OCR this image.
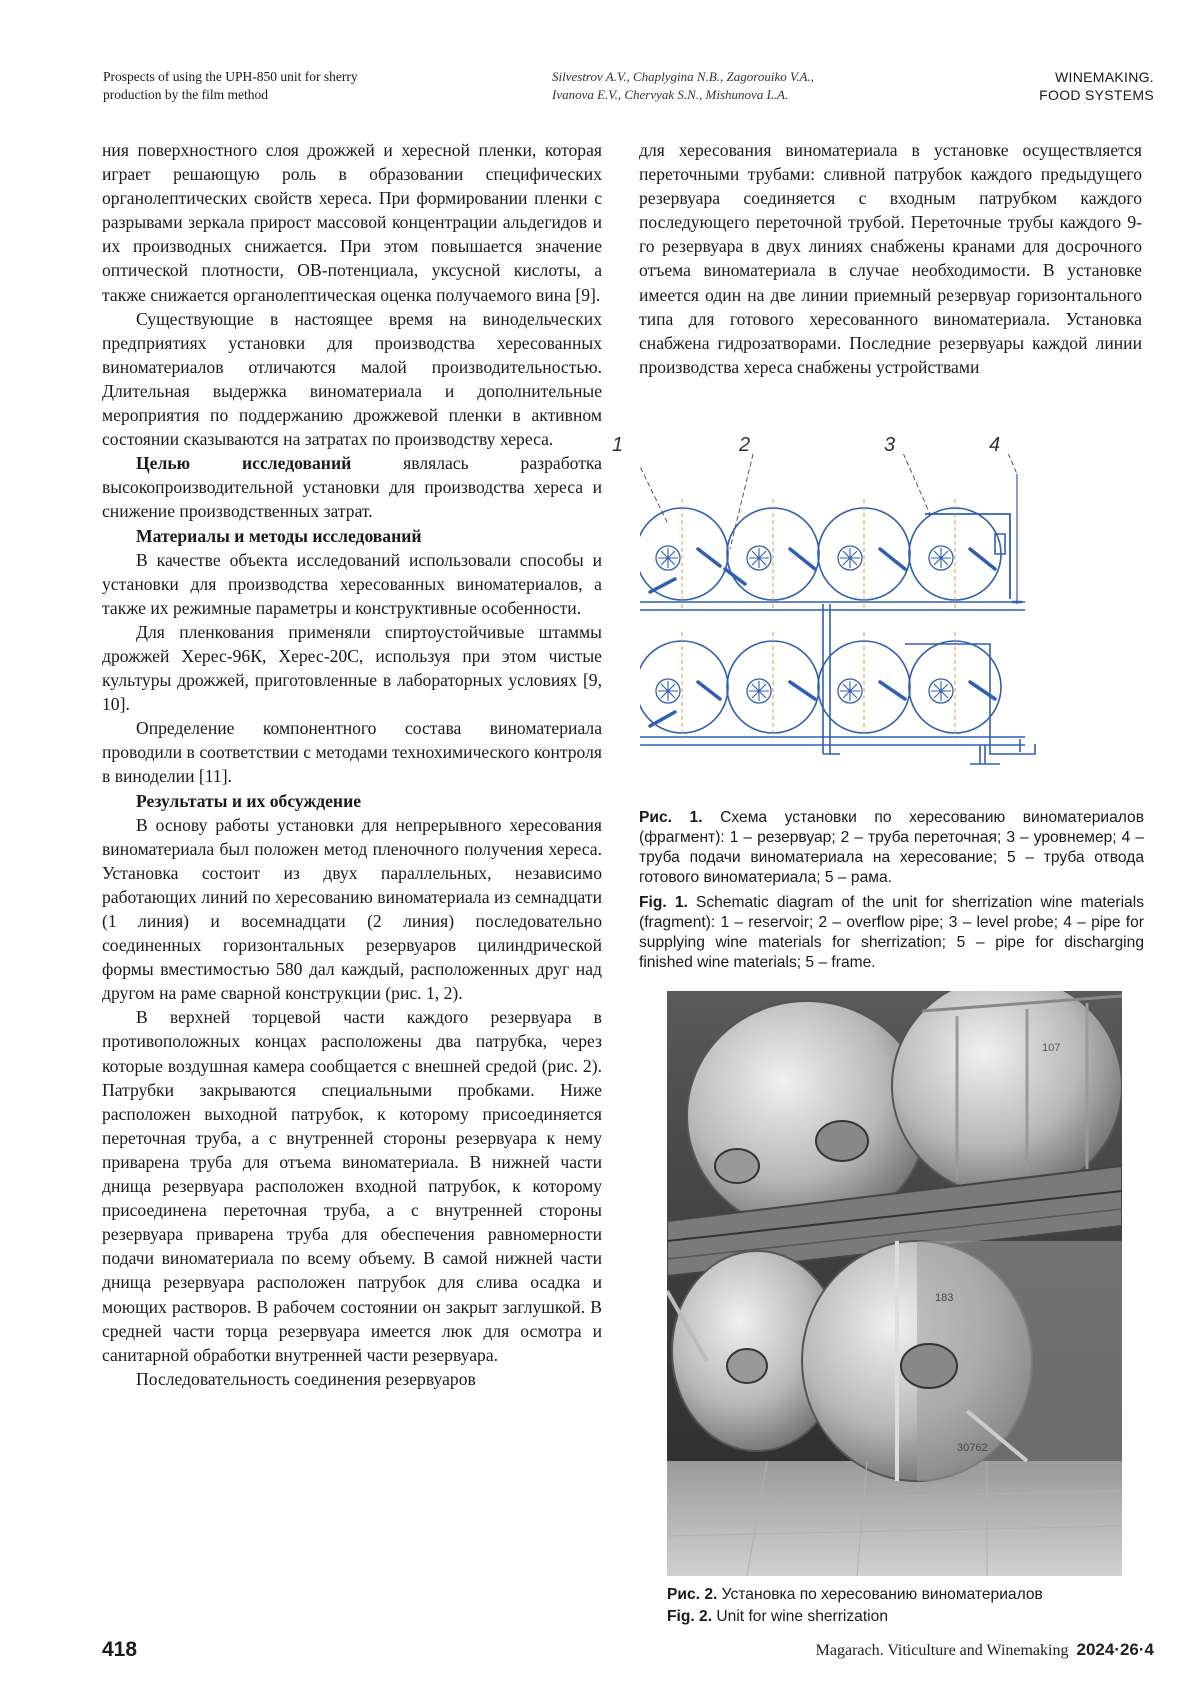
Prospects of using the UPH-850 unit for sherry
production by the film method
Silvestrov A.V., Chaplygina N.B., Zagorouiko V.A.,
Ivanova E.V., Chervyak S.N., Mishunova L.A.
WINEMAKING.
FOOD SYSTEMS

ния поверхностного слоя дрожжей и хересной пленки, которая играет решающую роль в образовании специфических органолептических свойств хереса. При формировании пленки с разрывами зеркала прирост массовой концентрации альдегидов и их производных снижается. При этом повышается значение оптической плотности, ОВ-потенциала, уксусной кислоты, а также снижается органолептическая оценка получаемого вина [9].

Существующие в настоящее время на винодельческих предприятиях установки для производства хересованных виноматериалов отличаются малой производительностью. Длительная выдержка виноматериала и дополнительные мероприятия по поддержанию дрожжевой пленки в активном состоянии сказываются на затратах по производству хереса.

Целью исследований являлась разработка высокопроизводительной установки для производства хереса и снижение производственных затрат.

Материалы и методы исследований

В качестве объекта исследований использовали способы и установки для производства хересованных виноматериалов, а также их режимные параметры и конструктивные особенности.

Для пленкования применяли спиртоустойчивые штаммы дрожжей Херес-96К, Херес-20С, используя при этом чистые культуры дрожжей, приготовленные в лабораторных условиях [9, 10].

Определение компонентного состава виноматериала проводили в соответствии с методами технохимического контроля в виноделии [11].

Результаты и их обсуждение

В основу работы установки для непрерывного хересования виноматериала был положен метод пленочного получения хереса. Установка состоит из двух параллельных, независимо работающих линий по хересованию виноматериала из семнадцати (1 линия) и восемнадцати (2 линия) последовательно соединенных горизонтальных резервуаров цилиндрической формы вместимостью 580 дал каждый, расположенных друг над другом на раме сварной конструкции (рис. 1, 2).

В верхней торцевой части каждого резервуара в противоположных концах расположены два патрубка, через которые воздушная камера сообщается с внешней средой (рис. 2). Патрубки закрываются специальными пробками. Ниже расположен выходной патрубок, к которому присоединяется переточная труба, а с внутренней стороны резервуара к нему приварена труба для отъема виноматериала. В нижней части днища резервуара расположен входной патрубок, к которому присоединена переточная труба, а с внутренней стороны резервуара приварена труба для обеспечения равномерности подачи виноматериала по всему объему. В самой нижней части днища резервуара расположен патрубок для слива осадка и моющих растворов. В рабочем состоянии он закрыт заглушкой. В средней части торца резервуара имеется люк для осмотра и санитарной обработки внутренней части резервуара.

Последовательность соединения резервуаров

для хересования виноматериала в установке осуществляется переточными трубами: сливной патрубок каждого предыдущего резервуара соединяется с входным патрубком каждого последующего переточной трубой. Переточные трубы каждого 9-го резервуара в двух линиях снабжены кранами для досрочного отъема виноматериала в случае необходимости. В установке имеется один на две линии приемный резервуар горизонтального типа для готового хересованного виноматериала. Установка снабжена гидрозатворами. Последние резервуары каждой линии производства хереса снабжены устройствами

1	2	3	4
Рис. 1. Схема установки по хересованию виноматериалов (фрагмент): 1 – резервуар; 2 – труба переточная; 3 – уровнемер; 4 – труба подачи виноматериала на хересование; 5 – труба отвода готового виноматериала; 5 – рама.
Fig. 1. Schematic diagram of the unit for sherrization wine materials (fragment): 1 – reservoir; 2 – overflow pipe; 3 – level probe; 4 – pipe for supplying wine materials for sherrization; 5 – pipe for discharging finished wine materials; 5 – frame.
107
183
30762
Рис. 2. Установка по хересованию виноматериалов
Fig. 2. Unit for wine sherrization
418	Magarach. Viticulture and Winemaking 2024·26·4
